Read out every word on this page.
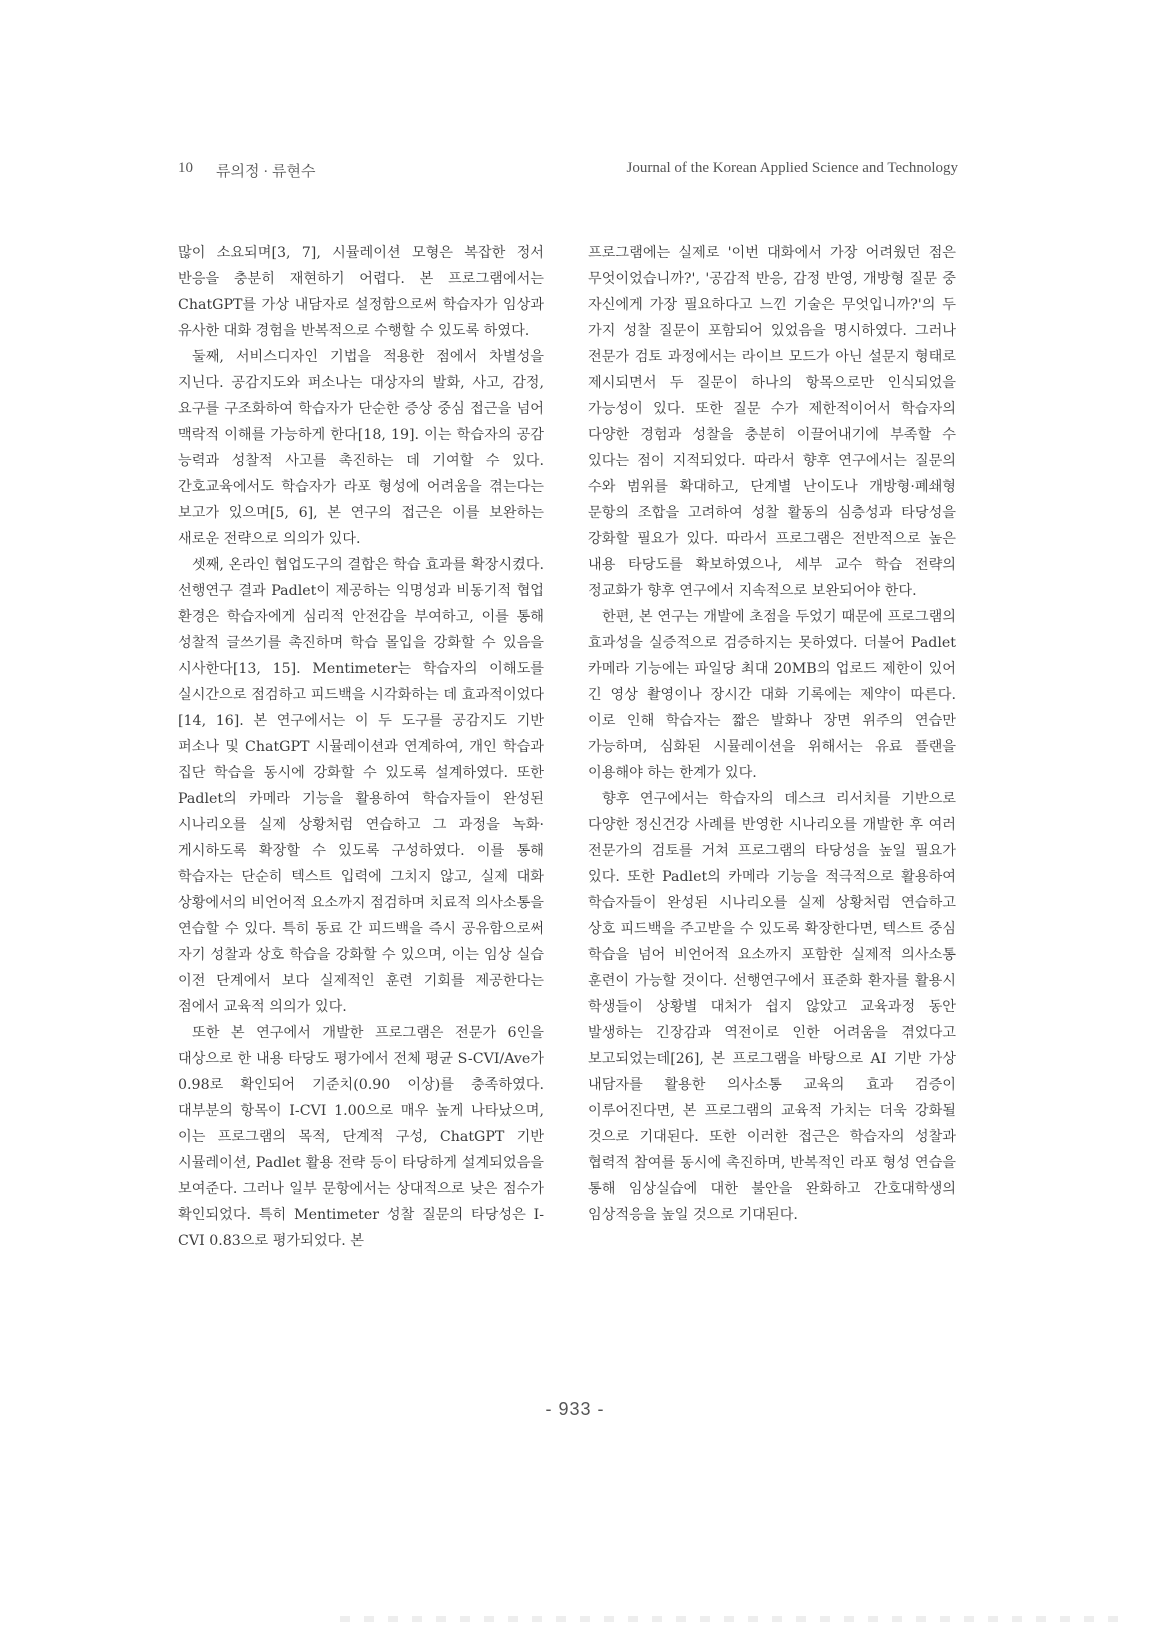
10 류의정 · 류현수	Journal of the Korean Applied Science and Technology

많이 소요되며[3, 7], 시뮬레이션 모형은 복잡한 정서 반응을 충분히 재현하기 어렵다. 본 프로그램에서는 ChatGPT를 가상 내담자로 설정함으로써 학습자가 임상과 유사한 대화 경험을 반복적으로 수행할 수 있도록 하였다.

둘째, 서비스디자인 기법을 적용한 점에서 차별성을 지닌다. 공감지도와 퍼소나는 대상자의 발화, 사고, 감정, 요구를 구조화하여 학습자가 단순한 증상 중심 접근을 넘어 맥락적 이해를 가능하게 한다[18, 19]. 이는 학습자의 공감 능력과 성찰적 사고를 촉진하는 데 기여할 수 있다. 간호교육에서도 학습자가 라포 형성에 어려움을 겪는다는 보고가 있으며[5, 6], 본 연구의 접근은 이를 보완하는 새로운 전략으로 의의가 있다.

셋째, 온라인 협업도구의 결합은 학습 효과를 확장시켰다. 선행연구 결과 Padlet이 제공하는 익명성과 비동기적 협업 환경은 학습자에게 심리적 안전감을 부여하고, 이를 통해 성찰적 글쓰기를 촉진하며 학습 몰입을 강화할 수 있음을 시사한다[13, 15]. Mentimeter는 학습자의 이해도를 실시간으로 점검하고 피드백을 시각화하는 데 효과적이었다[14, 16]. 본 연구에서는 이 두 도구를 공감지도 기반 퍼소나 및 ChatGPT 시뮬레이션과 연계하여, 개인 학습과 집단 학습을 동시에 강화할 수 있도록 설계하였다. 또한 Padlet의 카메라 기능을 활용하여 학습자들이 완성된 시나리오를 실제 상황처럼 연습하고 그 과정을 녹화·게시하도록 확장할 수 있도록 구성하였다. 이를 통해 학습자는 단순히 텍스트 입력에 그치지 않고, 실제 대화 상황에서의 비언어적 요소까지 점검하며 치료적 의사소통을 연습할 수 있다. 특히 동료 간 피드백을 즉시 공유함으로써 자기 성찰과 상호 학습을 강화할 수 있으며, 이는 임상 실습 이전 단계에서 보다 실제적인 훈련 기회를 제공한다는 점에서 교육적 의의가 있다.

또한 본 연구에서 개발한 프로그램은 전문가 6인을 대상으로 한 내용 타당도 평가에서 전체 평균 S-CVI/Ave가 0.98로 확인되어 기준치(0.90 이상)를 충족하였다. 대부분의 항목이 I-CVI 1.00으로 매우 높게 나타났으며, 이는 프로그램의 목적, 단계적 구성, ChatGPT 기반 시뮬레이션, Padlet 활용 전략 등이 타당하게 설계되었음을 보여준다. 그러나 일부 문항에서는 상대적으로 낮은 점수가 확인되었다. 특히 Mentimeter 성찰 질문의 타당성은 I-CVI 0.83으로 평가되었다. 본

프로그램에는 실제로 '이번 대화에서 가장 어려웠던 점은 무엇이었습니까?', '공감적 반응, 감정 반영, 개방형 질문 중 자신에게 가장 필요하다고 느낀 기술은 무엇입니까?'의 두 가지 성찰 질문이 포함되어 있었음을 명시하였다. 그러나 전문가 검토 과정에서는 라이브 모드가 아닌 설문지 형태로 제시되면서 두 질문이 하나의 항목으로만 인식되었을 가능성이 있다. 또한 질문 수가 제한적이어서 학습자의 다양한 경험과 성찰을 충분히 이끌어내기에 부족할 수 있다는 점이 지적되었다. 따라서 향후 연구에서는 질문의 수와 범위를 확대하고, 단계별 난이도나 개방형·폐쇄형 문항의 조합을 고려하여 성찰 활동의 심층성과 타당성을 강화할 필요가 있다. 따라서 프로그램은 전반적으로 높은 내용 타당도를 확보하였으나, 세부 교수 학습 전략의 정교화가 향후 연구에서 지속적으로 보완되어야 한다.

한편, 본 연구는 개발에 초점을 두었기 때문에 프로그램의 효과성을 실증적으로 검증하지는 못하였다. 더불어 Padlet 카메라 기능에는 파일당 최대 20MB의 업로드 제한이 있어 긴 영상 촬영이나 장시간 대화 기록에는 제약이 따른다. 이로 인해 학습자는 짧은 발화나 장면 위주의 연습만 가능하며, 심화된 시뮬레이션을 위해서는 유료 플랜을 이용해야 하는 한계가 있다.

향후 연구에서는 학습자의 데스크 리서치를 기반으로 다양한 정신건강 사례를 반영한 시나리오를 개발한 후 여러 전문가의 검토를 거쳐 프로그램의 타당성을 높일 필요가 있다. 또한 Padlet의 카메라 기능을 적극적으로 활용하여 학습자들이 완성된 시나리오를 실제 상황처럼 연습하고 상호 피드백을 주고받을 수 있도록 확장한다면, 텍스트 중심 학습을 넘어 비언어적 요소까지 포함한 실제적 의사소통 훈련이 가능할 것이다. 선행연구에서 표준화 환자를 활용시 학생들이 상황별 대처가 쉽지 않았고 교육과정 동안 발생하는 긴장감과 역전이로 인한 어려움을 겪었다고 보고되었는데[26], 본 프로그램을 바탕으로 AI 기반 가상 내담자를 활용한 의사소통 교육의 효과 검증이 이루어진다면, 본 프로그램의 교육적 가치는 더욱 강화될 것으로 기대된다. 또한 이러한 접근은 학습자의 성찰과 협력적 참여를 동시에 촉진하며, 반복적인 라포 형성 연습을 통해 임상실습에 대한 불안을 완화하고 간호대학생의 임상적응을 높일 것으로 기대된다.

- 933 -
